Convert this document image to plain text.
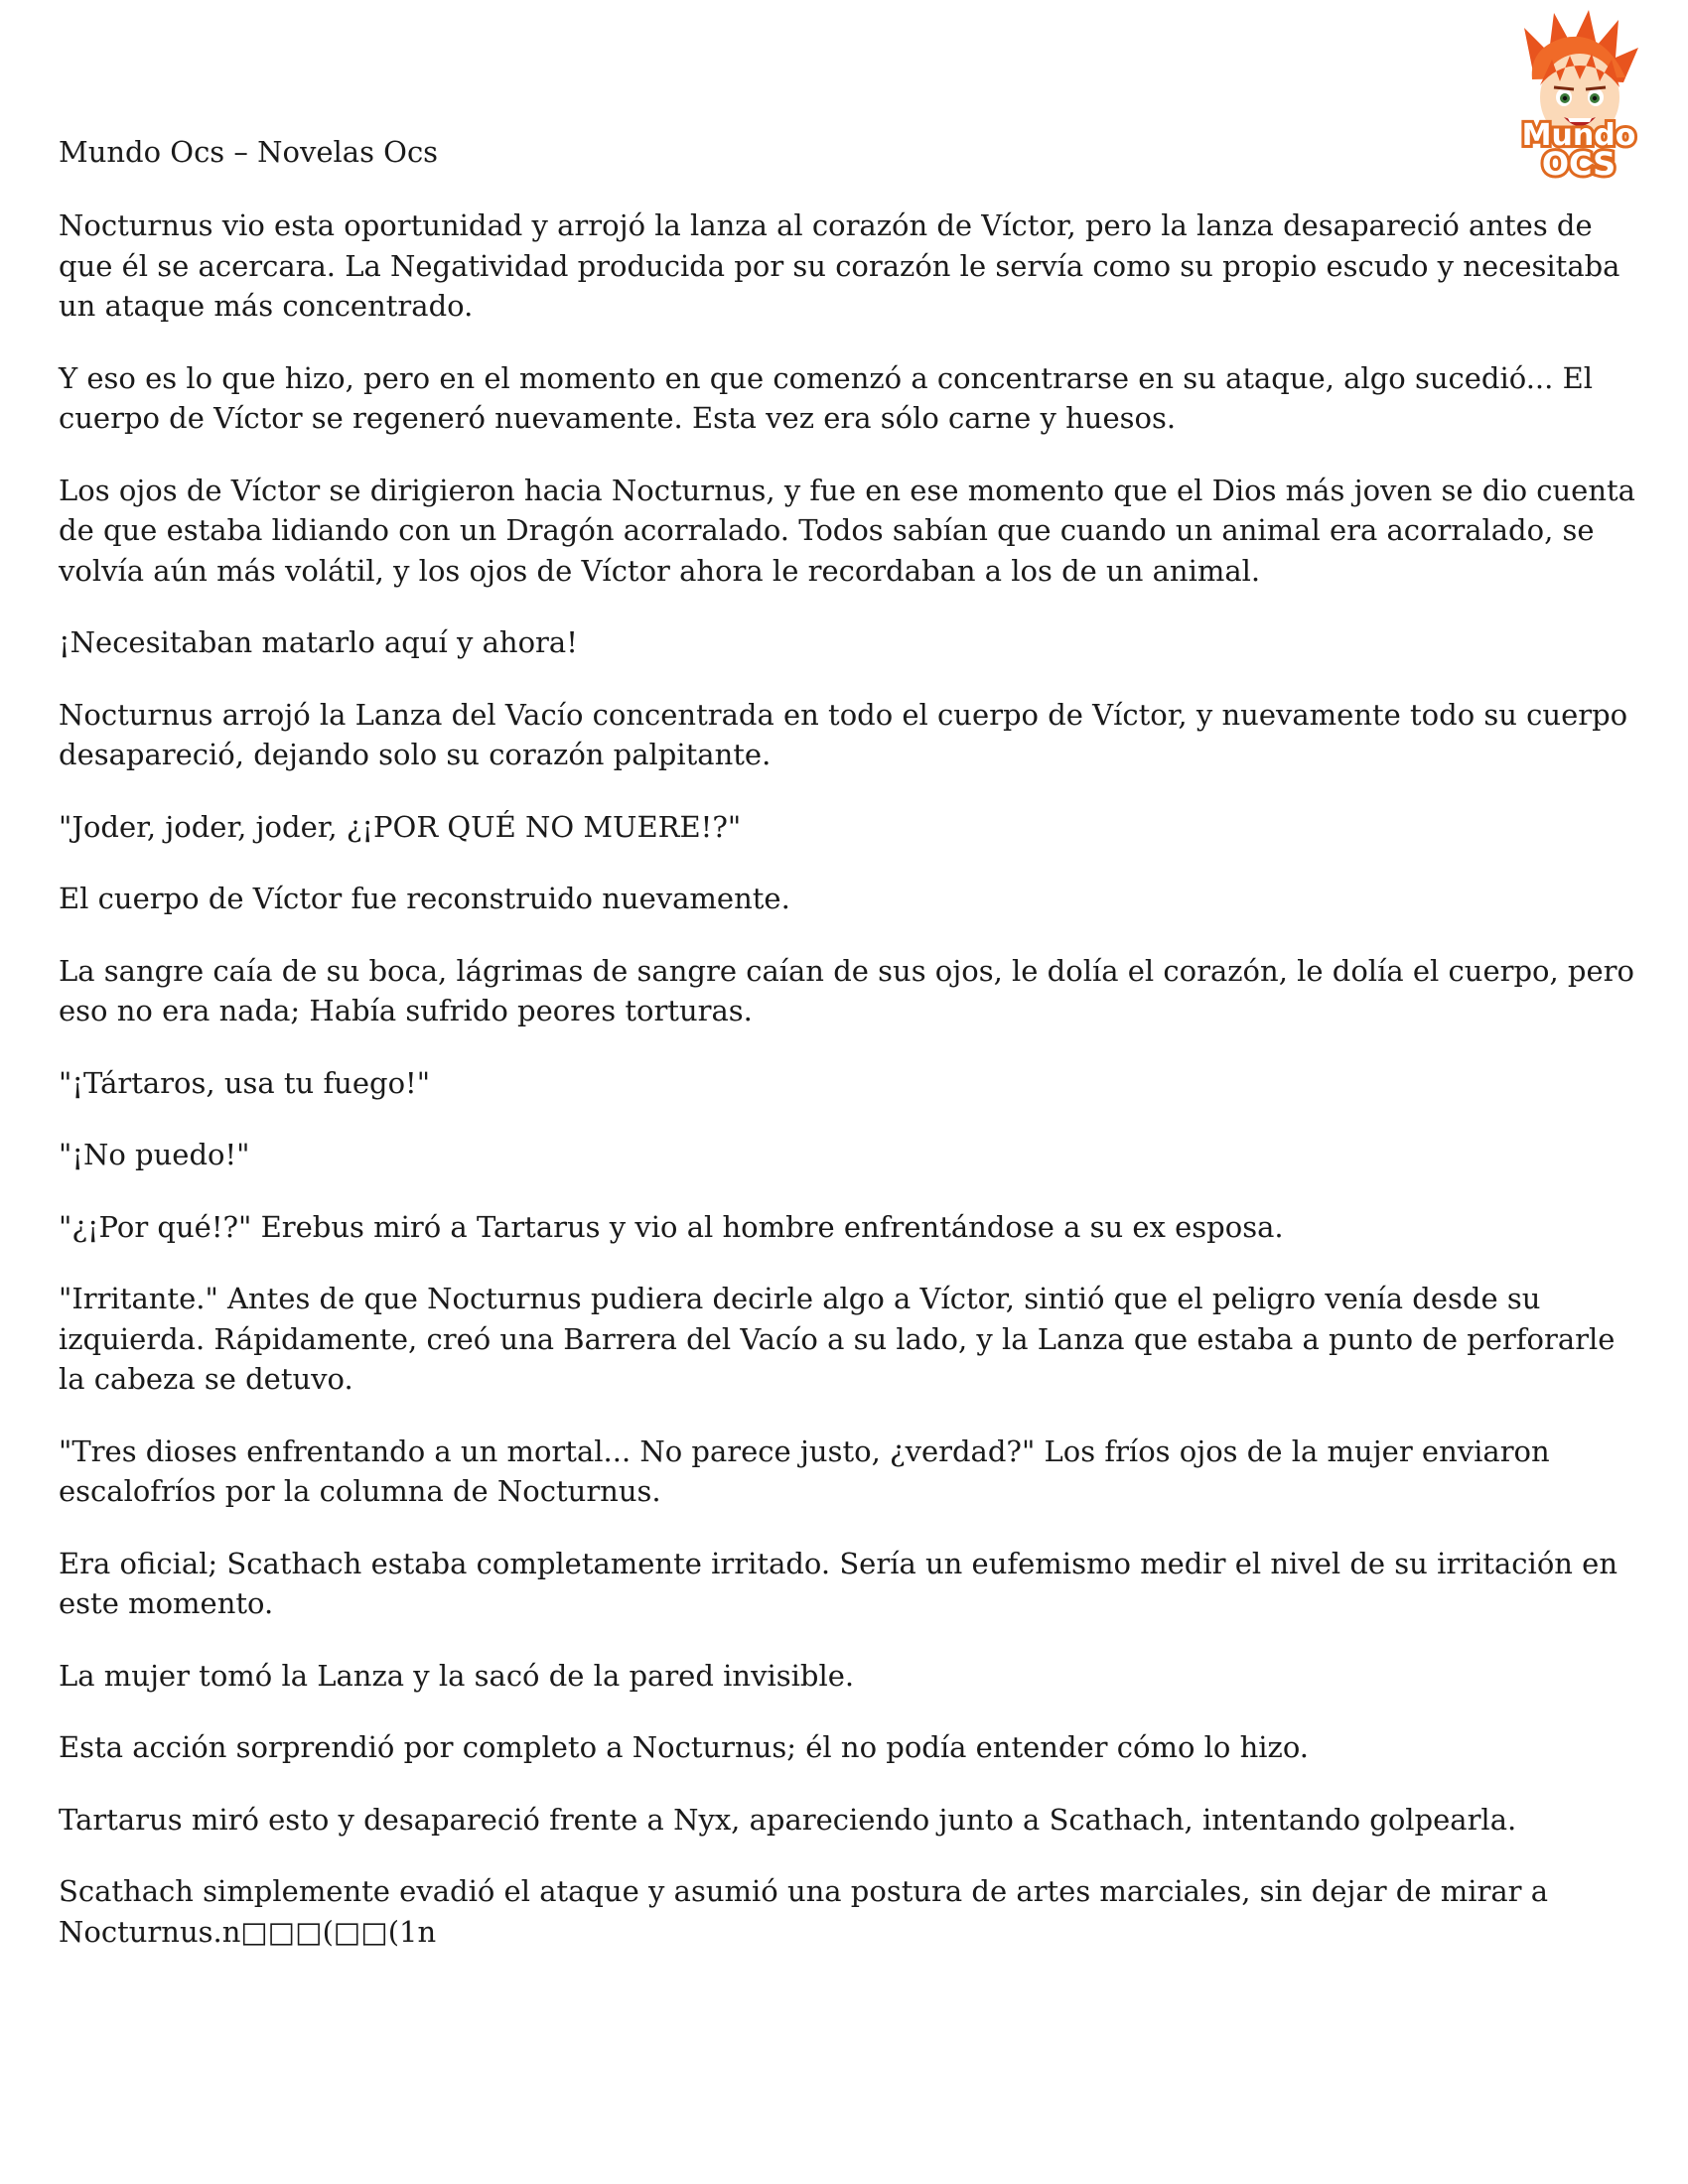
Mundo Ocs – Novelas Ocs	Mundo
OCS

Nocturnus vio esta oportunidad y arrojó la lanza al corazón de Víctor, pero la lanza desapareció antes de que él se acercara. La Negatividad producida por su corazón le servía como su propio escudo y necesitaba un ataque más concentrado.

Y eso es lo que hizo, pero en el momento en que comenzó a concentrarse en su ataque, algo sucedió... El cuerpo de Víctor se regeneró nuevamente. Esta vez era sólo carne y huesos.

Los ojos de Víctor se dirigieron hacia Nocturnus, y fue en ese momento que el Dios más joven se dio cuenta de que estaba lidiando con un Dragón acorralado. Todos sabían que cuando un animal era acorralado, se volvía aún más volátil, y los ojos de Víctor ahora le recordaban a los de un animal.

¡Necesitaban matarlo aquí y ahora!

Nocturnus arrojó la Lanza del Vacío concentrada en todo el cuerpo de Víctor, y nuevamente todo su cuerpo desapareció, dejando solo su corazón palpitante.

"Joder, joder, joder, ¿¡POR QUÉ NO MUERE!?"

El cuerpo de Víctor fue reconstruido nuevamente.

La sangre caía de su boca, lágrimas de sangre caían de sus ojos, le dolía el corazón, le dolía el cuerpo, pero eso no era nada; Había sufrido peores torturas.

"¡Tártaros, usa tu fuego!"

"¡No puedo!"

"¿¡Por qué!?" Erebus miró a Tartarus y vio al hombre enfrentándose a su ex esposa.

"Irritante." Antes de que Nocturnus pudiera decirle algo a Víctor, sintió que el peligro venía desde su izquierda. Rápidamente, creó una Barrera del Vacío a su lado, y la Lanza que estaba a punto de perforarle la cabeza se detuvo.

"Tres dioses enfrentando a un mortal... No parece justo, ¿verdad?" Los fríos ojos de la mujer enviaron escalofríos por la columna de Nocturnus.

Era oficial; Scathach estaba completamente irritado. Sería un eufemismo medir el nivel de su irritación en este momento.

La mujer tomó la Lanza y la sacó de la pared invisible.

Esta acción sorprendió por completo a Nocturnus; él no podía entender cómo lo hizo.

Tartarus miró esto y desapareció frente a Nyx, apareciendo junto a Scathach, intentando golpearla.

Scathach simplemente evadió el ataque y asumió una postura de artes marciales, sin dejar de mirar a Nocturnus.n□□□(□□(1n
